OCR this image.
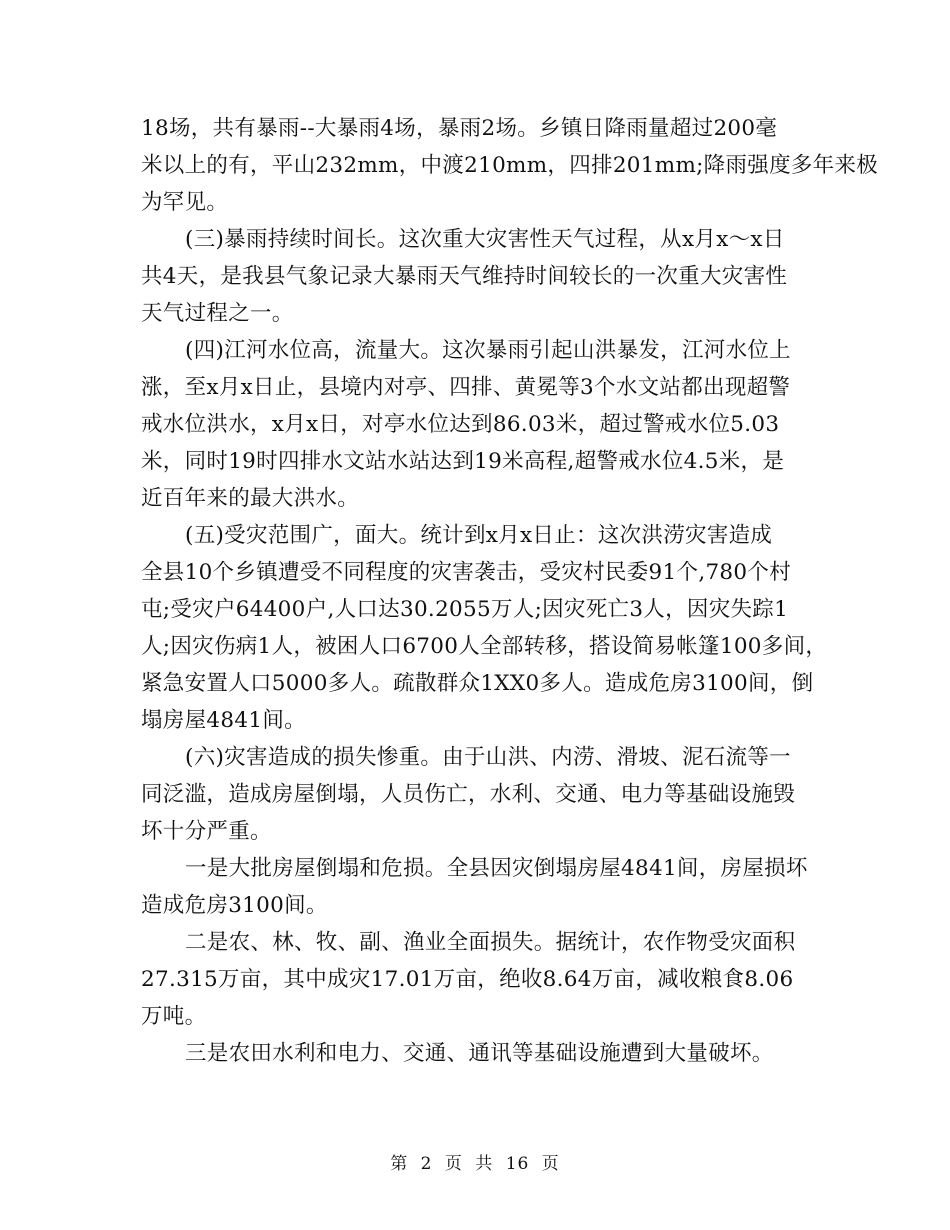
18场，共有暴雨--大暴雨4场，暴雨2场。乡镇日降雨量超过200毫
米以上的有，平山232mm，中渡210mm，四排201mm;降雨强度多年来极
为罕见。
(三)暴雨持续时间长。这次重大灾害性天气过程，从x月x～x日
共4天，是我县气象记录大暴雨天气维持时间较长的一次重大灾害性
天气过程之一。
(四)江河水位高，流量大。这次暴雨引起山洪暴发，江河水位上
涨，至x月x日止，县境内对亭、四排、黄冕等3个水文站都出现超警
戒水位洪水，x月x日，对亭水位达到86.03米，超过警戒水位5.03
米，同时19时四排水文站水站达到19米高程,超警戒水位4.5米，是
近百年来的最大洪水。
(五)受灾范围广，面大。统计到x月x日止：这次洪涝灾害造成
全县10个乡镇遭受不同程度的灾害袭击，受灾村民委91个,780个村
屯;受灾户64400户,人口达30.2055万人;因灾死亡3人，因灾失踪1
人;因灾伤病1人，被困人口6700人全部转移，搭设简易帐篷100多间，
紧急安置人口5000多人。疏散群众1XX0多人。造成危房3100间，倒
塌房屋4841间。
(六)灾害造成的损失惨重。由于山洪、内涝、滑坡、泥石流等一
同泛滥，造成房屋倒塌，人员伤亡，水利、交通、电力等基础设施毁
坏十分严重。
一是大批房屋倒塌和危损。全县因灾倒塌房屋4841间，房屋损坏
造成危房3100间。
二是农、林、牧、副、渔业全面损失。据统计，农作物受灾面积
27.315万亩，其中成灾17.01万亩，绝收8.64万亩，减收粮食8.06
万吨。
三是农田水利和电力、交通、通讯等基础设施遭到大量破坏。
第 2 页 共 16 页
